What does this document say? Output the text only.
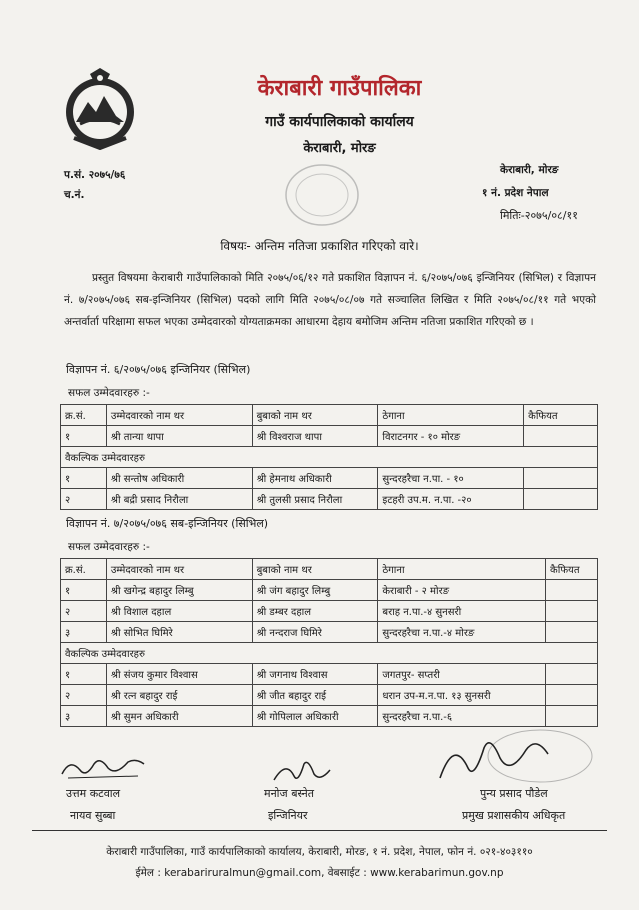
केराबारी गाउँपालिका
गाउँ कार्यपालिकाको कार्यालय
केराबारी, मोरङ
प.सं. २०७५/७६
च.नं.
केराबारी, मोरङ
१ नं. प्रदेश नेपाल
मितिः-२०७५/०८/११
विषयः- अन्तिम नतिजा प्रकाशित गरिएको वारे।
प्रस्तुत विषयमा केराबारी गाउँपालिकाको मिति २०७५/०६/१२ गते प्रकाशित विज्ञापन नं. ६/२०७५/०७६ इन्जिनियर (सिभिल) र विज्ञापन नं. ७/२०७५/०७६ सब-इन्जिनियर (सिभिल) पदको लागि मिति २०७५/०८/०७ गते सञ्चालित लिखित र मिति २०७५/०८/११ गते भएको अन्तर्वार्ता परिक्षामा सफल भएका उम्मेदवारको योग्यताक्रमका आधारमा देहाय बमोजिम अन्तिम नतिजा प्रकाशित गरिएको छ ।
विज्ञापन नं. ६/२०७५/०७६ इन्जिनियर (सिभिल)
सफल उम्मेदवारहरु :-
क्र.सं.	उम्मेदवारको नाम थर	बुबाको नाम थर	ठेगाना	कैफियत
१	श्री तान्या थापा	श्री विश्वराज थापा	विराटनगर - १० मोरङ	
वैकल्पिक उम्मेदवारहरु				
१	श्री सन्तोष अधिकारी	श्री हेमनाथ अधिकारी	सुन्दरहरैचा न.पा. - १०	
२	श्री बद्री प्रसाद निरौला	श्री तुलसी प्रसाद निरौला	इटहरी उप.म. न.पा. -२०	
विज्ञापन नं. ७/२०७५/०७६ सब-इन्जिनियर (सिभिल)
सफल उम्मेदवारहरु :-
क्र.सं.	उम्मेदवारको नाम थर	बुबाको नाम थर	ठेगाना	कैफियत
१	श्री खगेन्द्र बहादुर लिम्बु	श्री जंग बहादुर लिम्बु	केराबारी - २ मोरङ	
२	श्री विशाल दहाल	श्री डम्बर दहाल	बराह न.पा.-४ सुनसरी	
३	श्री सोभित घिमिरे	श्री नन्दराज घिमिरे	सुन्दरहरैचा न.पा.-४ मोरङ	
वैकल्पिक उम्मेदवारहरु				
१	श्री संजय कुमार विश्वास	श्री जगनाथ विश्वास	जगतपुर- सप्तरी	
२	श्री रत्न बहादुर राई	श्री जीत बहादुर राई	धरान उप-म.न.पा. १३ सुनसरी	
३	श्री सुमन अधिकारी	श्री गोपिलाल अधिकारी	सुन्दरहरैचा न.पा.-६	
उत्तम कटवाल
नायव सुब्बा
मनोज बस्नेत
इन्जिनियर
पुन्य प्रसाद पौडेल
प्रमुख प्रशासकीय अधिकृत
केराबारी गाउँपालिका, गाउँ कार्यपालिकाको कार्यालय, केराबारी, मोरङ, १ नं. प्रदेश, नेपाल, फोन नं. ०२१-४०३११०
ईमेल : kerabariruralmun@gmail.com, वेबसाईट : www.kerabarimun.gov.np
